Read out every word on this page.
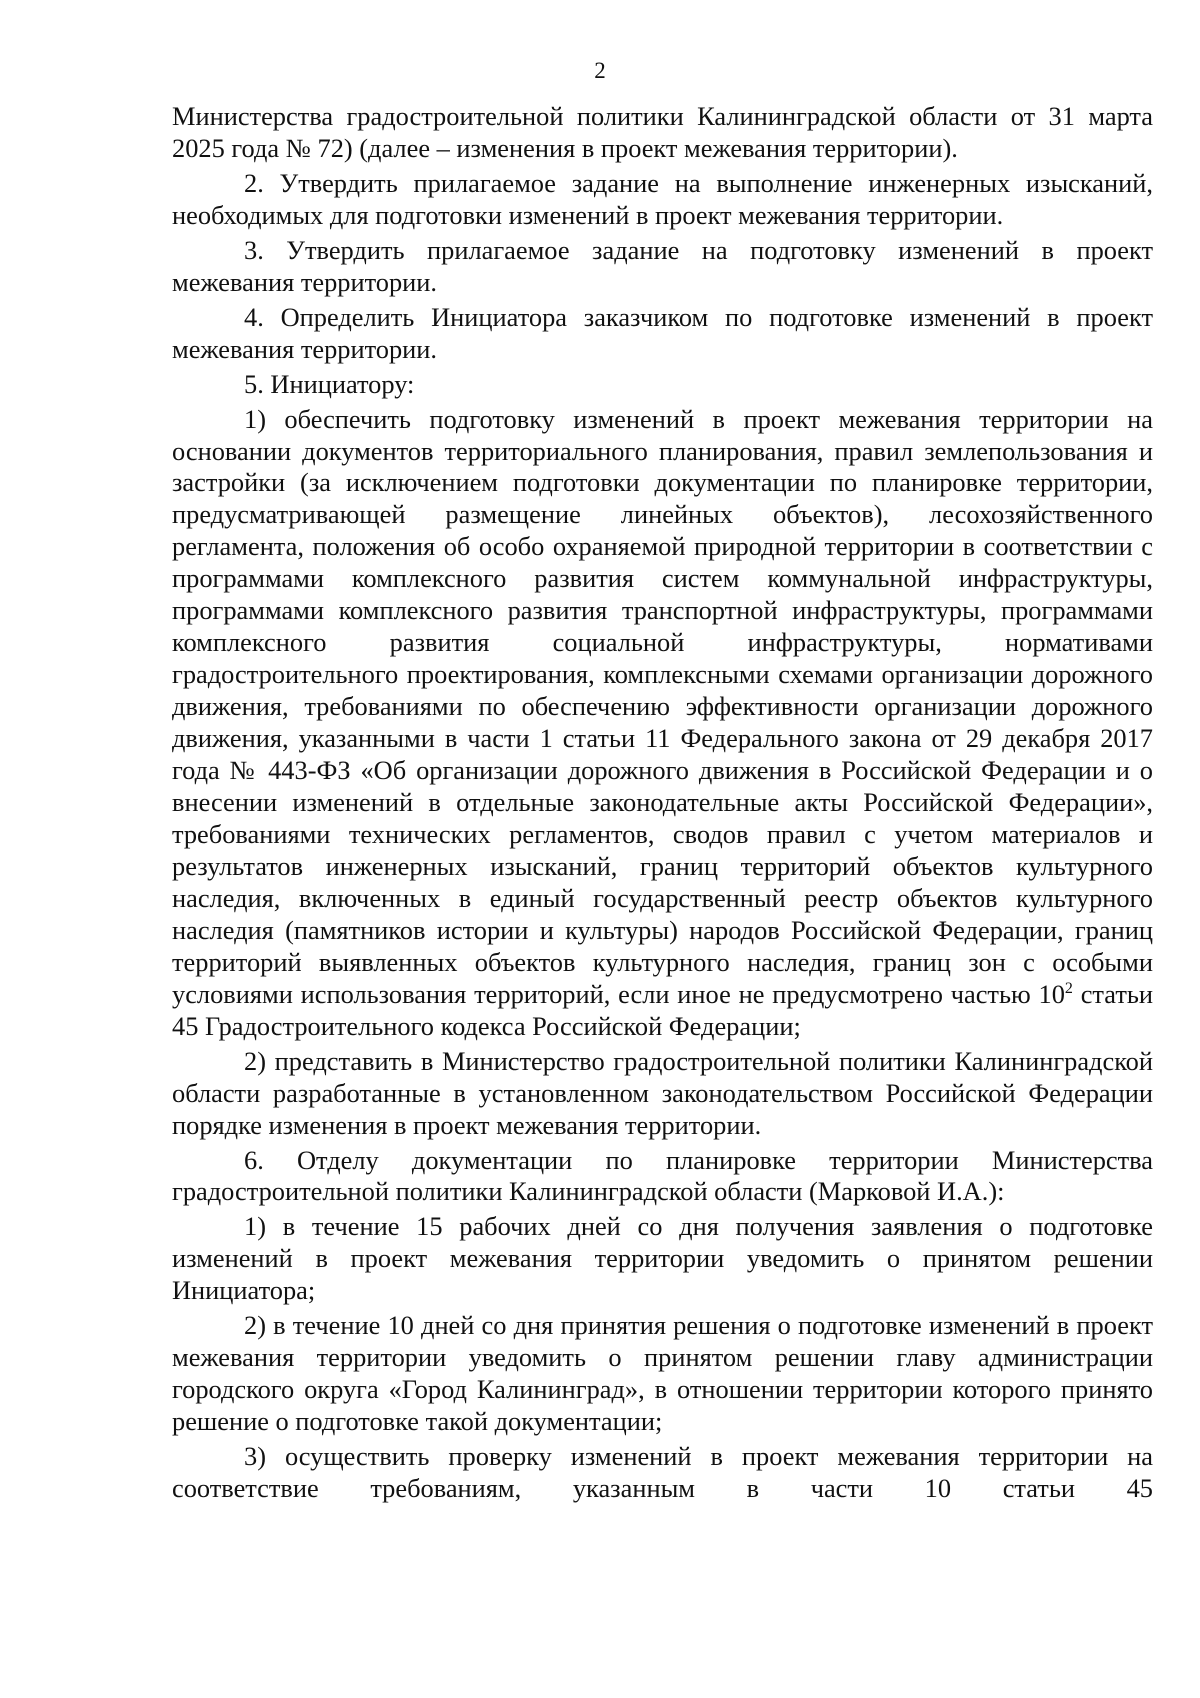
2

Министерства градостроительной политики Калининградской области от 31 марта 2025 года № 72) (далее – изменения в проект межевания территории).

2. Утвердить прилагаемое задание на выполнение инженерных изысканий, необходимых для подготовки изменений в проект межевания территории.

3. Утвердить прилагаемое задание на подготовку изменений в проект межевания территории.

4. Определить Инициатора заказчиком по подготовке изменений в проект межевания территории.

5. Инициатору:

1) обеспечить подготовку изменений в проект межевания территории на основании документов территориального планирования, правил землепользования и застройки (за исключением подготовки документации по планировке территории, предусматривающей размещение линейных объектов), лесохозяйственного регламента, положения об особо охраняемой природной территории в соответствии с программами комплексного развития систем коммунальной инфраструктуры, программами комплексного развития транспортной инфраструктуры, программами комплексного развития социальной инфраструктуры, нормативами градостроительного проектирования, комплексными схемами организации дорожного движения, требованиями по обеспечению эффективности организации дорожного движения, указанными в части 1 статьи 11 Федерального закона от 29 декабря 2017 года № 443-ФЗ «Об организации дорожного движения в Российской Федерации и о внесении изменений в отдельные законодательные акты Российской Федерации», требованиями технических регламентов, сводов правил с учетом материалов и результатов инженерных изысканий, границ территорий объектов культурного наследия, включенных в единый государственный реестр объектов культурного наследия (памятников истории и культуры) народов Российской Федерации, границ территорий выявленных объектов культурного наследия, границ зон с особыми условиями использования территорий, если иное не предусмотрено частью $10^2$ статьи 45 Градостроительного кодекса Российской Федерации;

2) представить в Министерство градостроительной политики Калининградской области разработанные в установленном законодательством Российской Федерации порядке изменения в проект межевания территории.

6. Отделу документации по планировке территории Министерства градостроительной политики Калининградской области (Марковой И.А.):

1) в течение 15 рабочих дней со дня получения заявления о подготовке изменений в проект межевания территории уведомить о принятом решении Инициатора;

2) в течение 10 дней со дня принятия решения о подготовке изменений в проект межевания территории уведомить о принятом решении главу администрации городского округа «Город Калининград», в отношении территории которого принято решение о подготовке такой документации;

3) осуществить проверку изменений в проект межевания территории на соответствие требованиям, указанным в части 10 статьи 45
